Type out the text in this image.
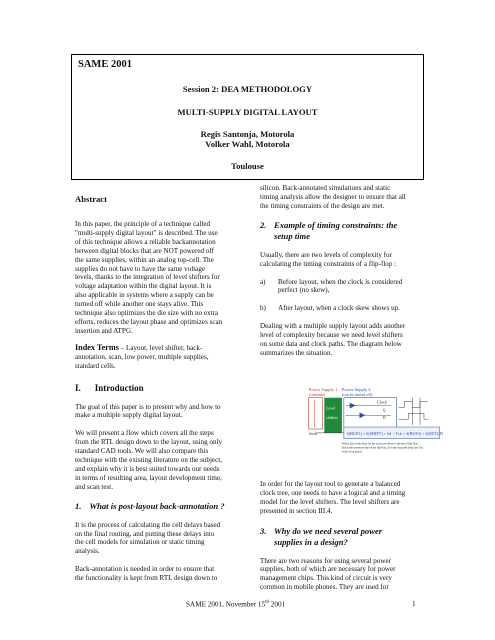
SAME 2001
Session 2: DEA METHODOLOGY
MULTI-SUPPLY DIGITAL LAYOUT
Regis Santonja, Motorola
Volker Wahl, Motorola
Toulouse

Abstract

In this paper, the principle of a technique called

"multi-supply digital layout" is described. The use

of this technique allows a reliable backannotation

between digital blocks that are NOT powered off

the same supplies, within an analog top-cell. The

supplies do not have to have the same voltage

levels, thanks to the integration of level shifters for

voltage adaptation within the digital layout. It is

also applicable in systems where a supply can be

turned off while another one stays alive. This

technique also optimizes the die size with no extra

efforts, reduces the layout phase and optimizes scan

insertion and ATPG.

Index Terms – Layout, level shifter, back-

annotation, scan, low power, multiple supplies,

standard cells.

I. Introduction

The goal of this paper is to present why and how to

make a multiple supply digital layout.

We will present a flow which covers all the steps

from the RTL design down to the layout, using only

standard CAD tools. We will also compare this

technique with the existing literature on the subject,

and explain why it is best suited towards our needs

in terms of resulting area, layout development time,

and scan test.

1. What is post-layout back-annotation ?

It is the process of calculating the cell delays based

on the final routing, and putting these delays into

the cell models for simulation or static timing

analysis.

Back-annotation is needed in order to ensure that

the functionality is kept from RTL design down to

silicon. Back-annotated simulations and static

timing analysis allow the designer to ensure that all

the timing constraints of the design are met.

2. Example of timing constraints: the

setup time

Usually, there are two levels of complexity for

calculating the timing constraints of a flip-flop :

a)	Before layout, when the clock is considered

perfect (no skew),

b)	After layout, when a clock skew shows up.

Dealing with a multiple supply layout adds another

level of complexity because we need level shifters

on some data and clock paths. The diagram below

summarizes the situation.

In order for the layout tool to generate a balanced

clock tree, one needs to have a logical and a timing

model for the level shifters. The level shifters are

presented in section III.4.

3. Why do we need several power

supplies in a design?

There are two reasons for using several power

supplies, both of which are necessary for power

management chips. This kind of circuit is very

common in mobile phones. They are used for

Power Supply 1
(constant)
Power Supply 2
(can be turned off)
Level
shifters
Clock
Q
D
clock	δ(BUF1) + δ(SHIFT) + δd < Tck + δ(BUF2) + δ(SETUP)
Where δ(x) is the delay for the clock tree driver to the pin of flip-flop ;
δ(d) is the transition time of the flip-flop, δd is the data path delay and Tck
is the clock period.
SAME 2001, November 15th 2001	1
